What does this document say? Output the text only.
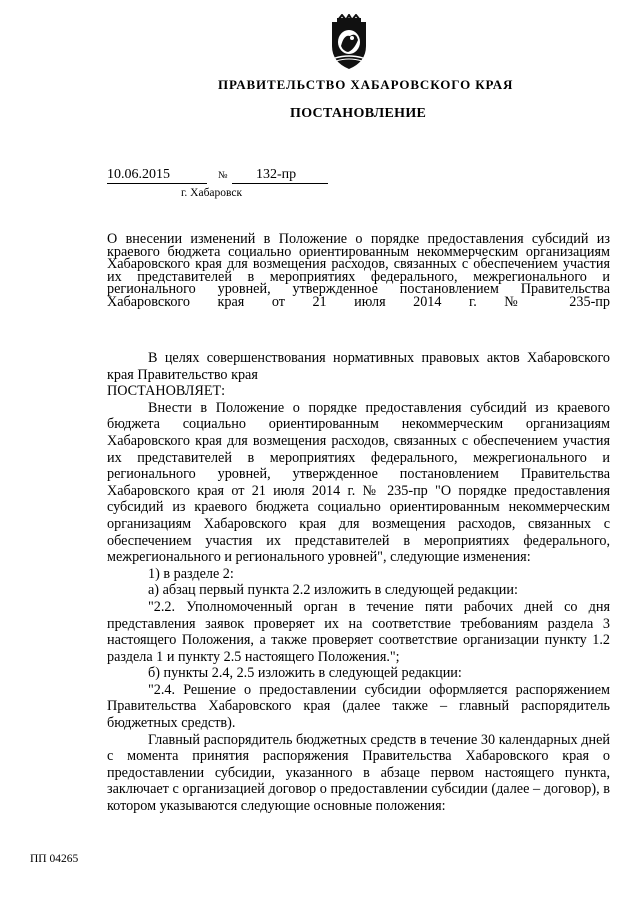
ПРАВИТЕЛЬСТВО ХАБАРОВСКОГО КРАЯ
ПОСТАНОВЛЕНИЕ
10.06.2015	№	132-пр
г. Хабаровск

О внесении изменений в Положение о порядке предоставления субсидий из краевого бюджета социально ориентированным некоммерческим организациям Хабаровского края для возмещения расходов, связанных с обеспечением участия их представителей в мероприятиях федерального, межрегионального и регионального уровней, утвержденное постановлением Правительства Хабаровского края от 21 июля 2014 г. № 235-пр

В целях совершенствования нормативных правовых актов Хабаровского края Правительство края

ПОСТАНОВЛЯЕТ:

Внести в Положение о порядке предоставления субсидий из краевого бюджета социально ориентированным некоммерческим организациям Хабаровского края для возмещения расходов, связанных с обеспечением участия их представителей в мероприятиях федерального, межрегионального и регионального уровней, утвержденное постановлением Правительства Хабаровского края от 21 июля 2014 г. № 235-пр "О порядке предоставления субсидий из краевого бюджета социально ориентированным некоммерческим организациям Хабаровского края для возмещения расходов, связанных с обеспечением участия их представителей в мероприятиях федерального, межрегионального и регионального уровней", следующие изменения:

1) в разделе 2:

а) абзац первый пункта 2.2 изложить в следующей редакции:

"2.2. Уполномоченный орган в течение пяти рабочих дней со дня представления заявок проверяет их на соответствие требованиям раздела 3 настоящего Положения, а также проверяет соответствие организации пункту 1.2 раздела 1 и пункту 2.5 настоящего Положения.";

б) пункты 2.4, 2.5 изложить в следующей редакции:

"2.4. Решение о предоставлении субсидии оформляется распоряжением Правительства Хабаровского края (далее также – главный распорядитель бюджетных средств).

Главный распорядитель бюджетных средств в течение 30 календарных дней с момента принятия распоряжения Правительства Хабаровского края о предоставлении субсидии, указанного в абзаце первом настоящего пункта, заключает с организацией договор о предоставлении субсидии (далее – договор), в котором указываются следующие основные положения:

ПП 04265
